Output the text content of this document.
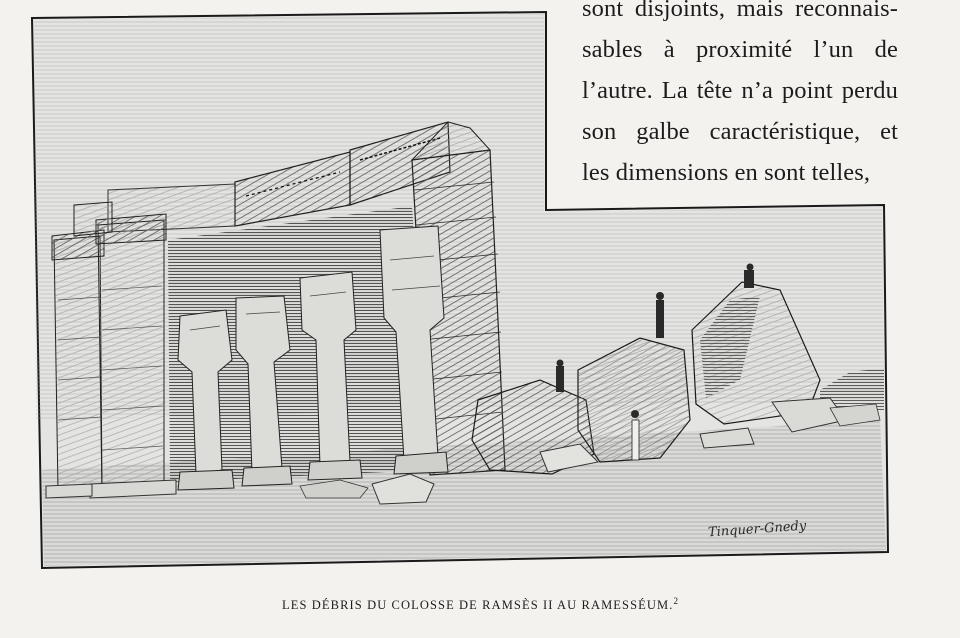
sont disjoints, mais reconnais-
sables à proximité l’un de
l’autre. La tête n’a point perdu
son galbe caractéristique, et
les dimensions en sont telles,
Tinquer-Gnedy
LES DÉBRIS DU COLOSSE DE RAMSÈS II AU RAMESSÉUM.$^2$
